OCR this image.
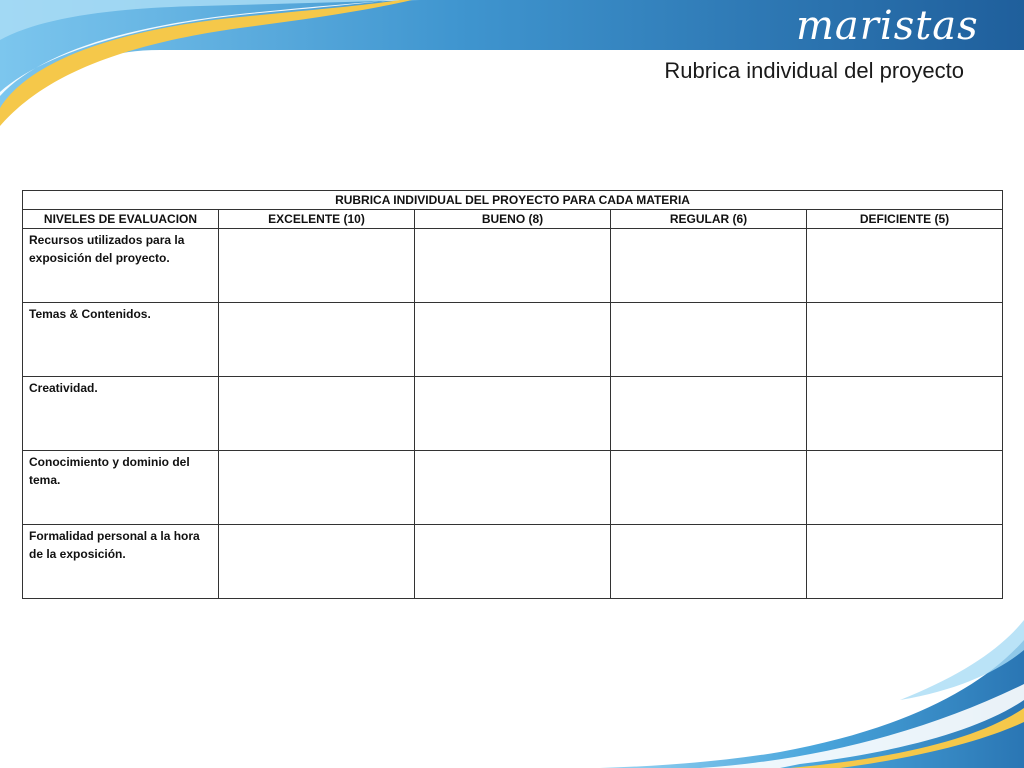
maristas
Rubrica individual del proyecto
RUBRICA INDIVIDUAL DEL PROYECTO PARA CADA MATERIA				
NIVELES DE EVALUACION	EXCELENTE (10)	BUENO (8)	REGULAR (6)	DEFICIENTE (5)
Recursos utilizados para la exposición del proyecto.				
Temas & Contenidos.				
Creatividad.				
Conocimiento y dominio del tema.				
Formalidad personal a la hora de la exposición.				
